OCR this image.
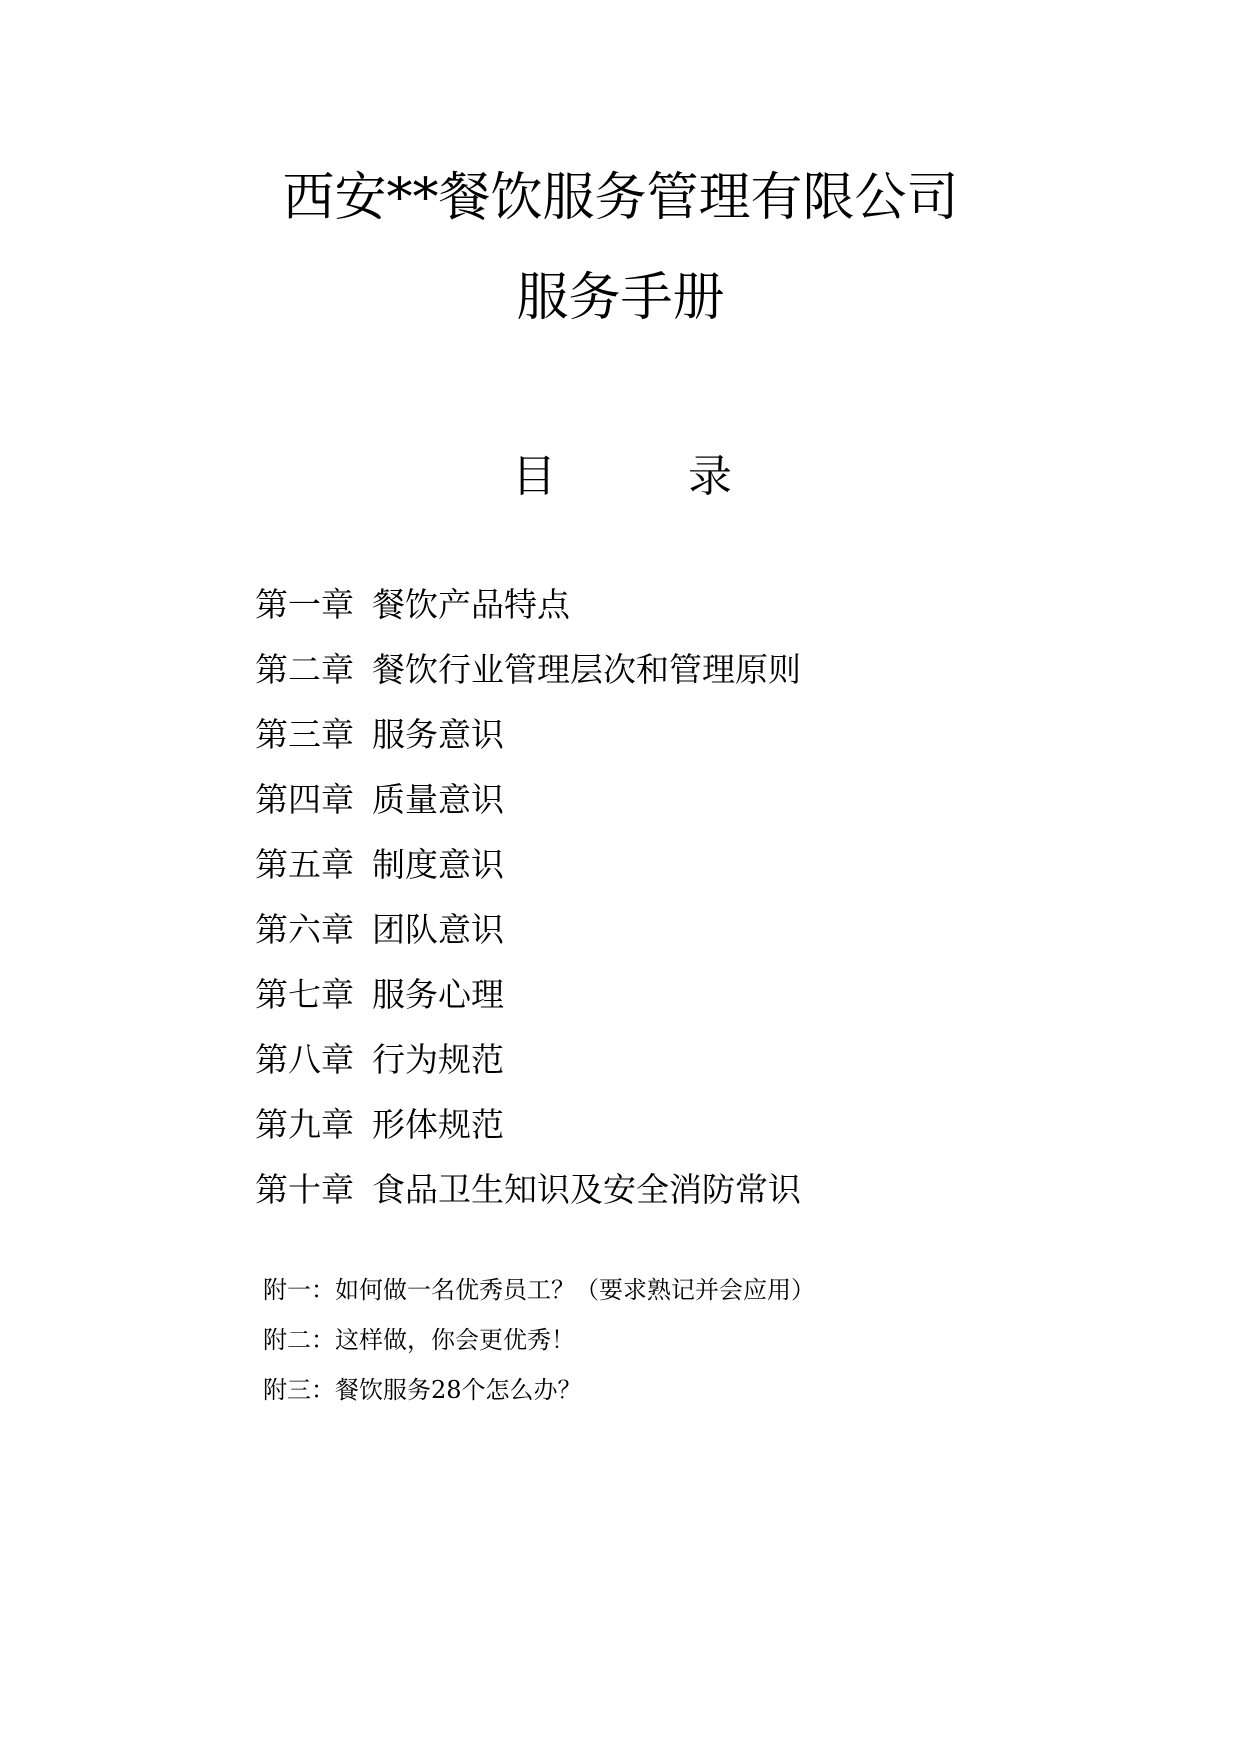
西安**餐饮服务管理有限公司
服务手册
目	录
第一章 餐饮产品特点
第二章 餐饮行业管理层次和管理原则
第三章 服务意识
第四章 质量意识
第五章 制度意识
第六章 团队意识
第七章 服务心理
第八章 行为规范
第九章 形体规范
第十章 食品卫生知识及安全消防常识
附一：如何做一名优秀员工？（要求熟记并会应用）
附二：这样做，你会更优秀！
附三：餐饮服务28个怎么办？
